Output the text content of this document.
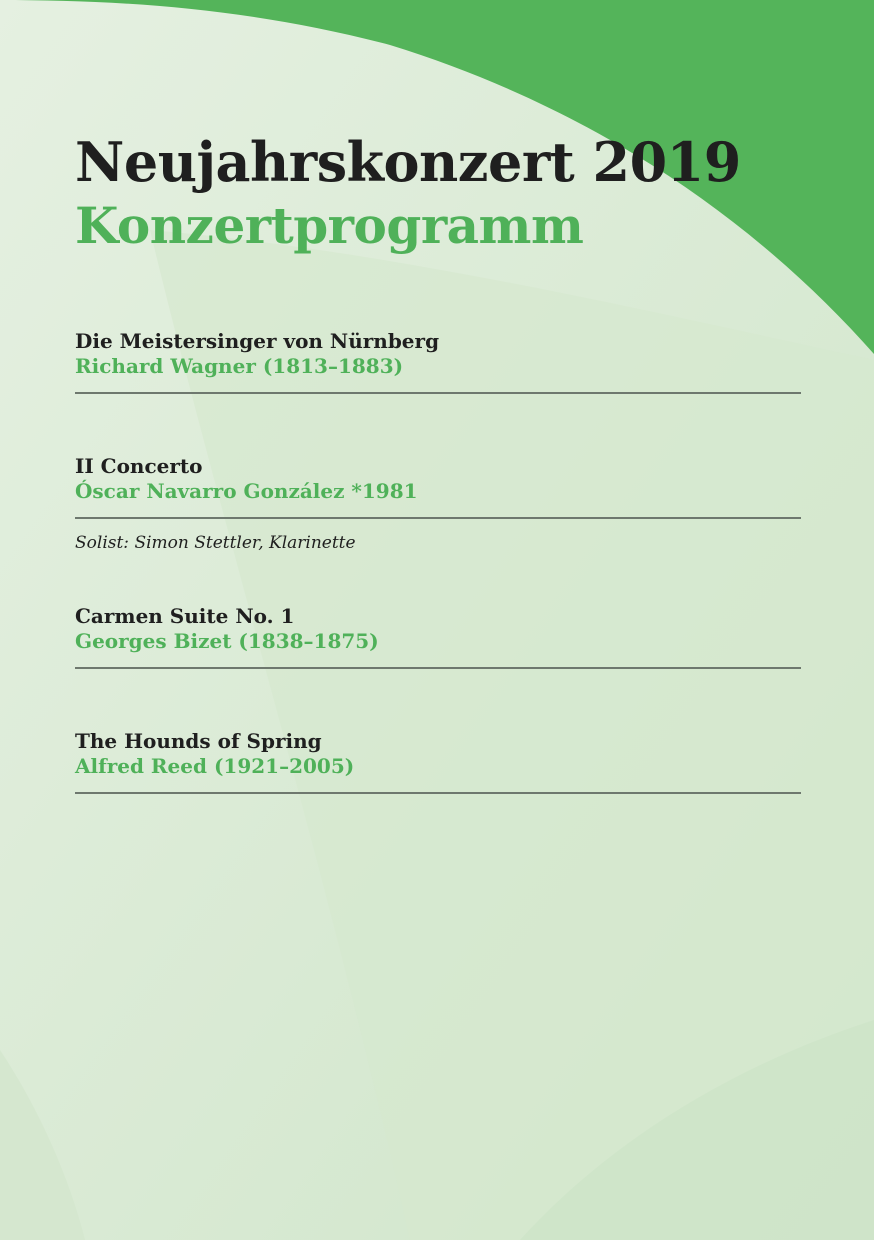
Neujahrskonzert 2019
Konzertprogramm
Die Meistersinger von Nürnberg
Richard Wagner (1813–1883)
II Concerto
Óscar Navarro González *1981
Solist: Simon Stettler, Klarinette
Carmen Suite No. 1
Georges Bizet (1838–1875)
The Hounds of Spring
Alfred Reed (1921–2005)
